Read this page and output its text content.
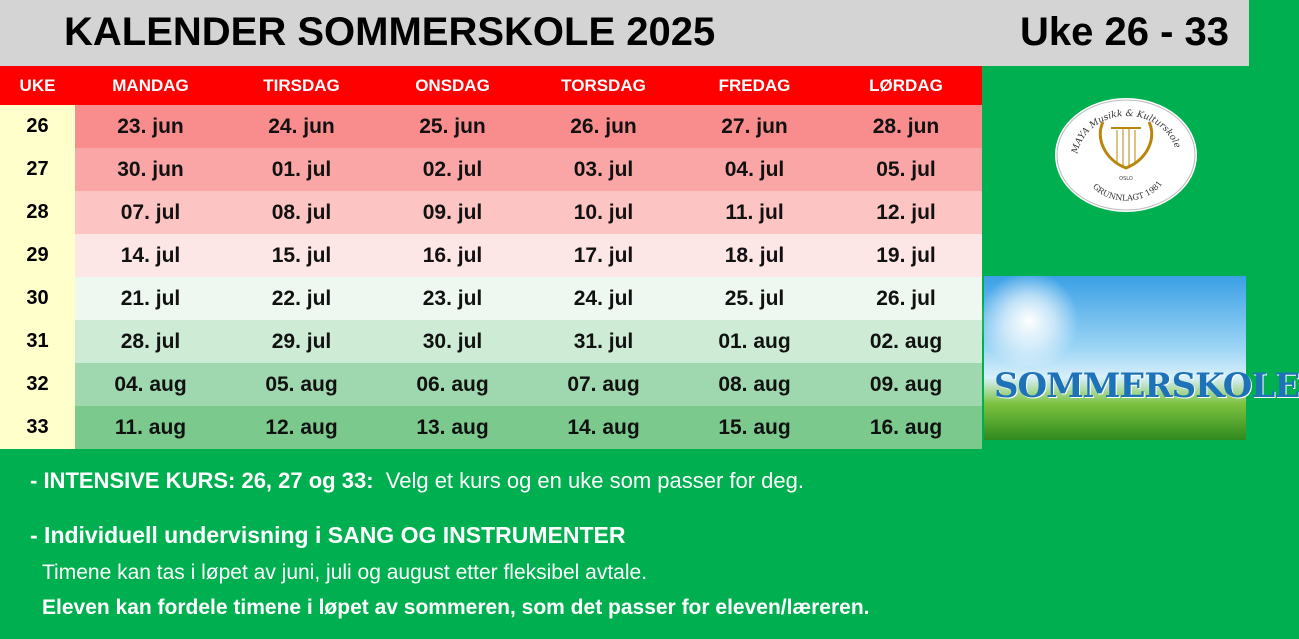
KALENDER SOMMERSKOLE 2025	Uke 26 - 33
UKE	MANDAG	TIRSDAG	ONSDAG	TORSDAG	FREDAG	LØRDAG
26	23. jun	24. jun	25. jun	26. jun	27. jun	28. jun
27	30. jun	01. jul	02. jul	03. jul	04. jul	05. jul
28	07. jul	08. jul	09. jul	10. jul	11. jul	12. jul
29	14. jul	15. jul	16. jul	17. jul	18. jul	19. jul
30	21. jul	22. jul	23. jul	24. jul	25. jul	26. jul
31	28. jul	29. jul	30. jul	31. jul	01. aug	02. aug
32	04. aug	05. aug	06. aug	07. aug	08. aug	09. aug
33	11. aug	12. aug	13. aug	14. aug	15. aug	16. aug
MAYA Musikk & Kulturskole
OSLO
GRUNNLAGT 1981
SOMMERSKOLE
- INTENSIVE KURS: 26, 27 og 33: Velg et kurs og en uke som passer for deg.
- Individuell undervisning i SANG OG INSTRUMENTER
Timene kan tas i løpet av juni, juli og august etter fleksibel avtale.
Eleven kan fordele timene i løpet av sommeren, som det passer for eleven/læreren.
